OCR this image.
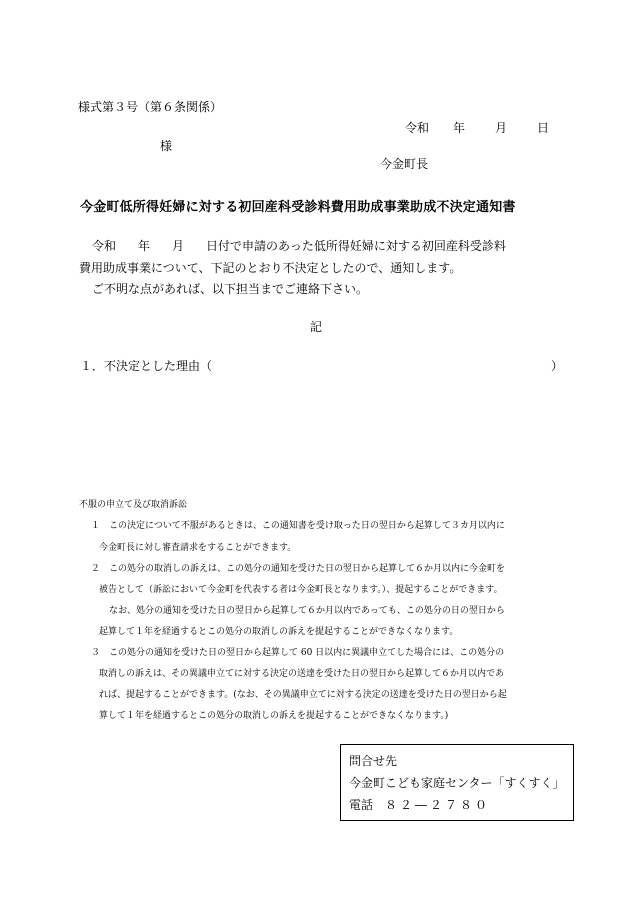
様式第３号（第６条関係）
令和 年	月	日
様
今金町長
今金町低所得妊婦に対する初回産科受診料費用助成事業助成不決定通知書
令和 年 月 日付で申請のあった低所得妊婦に対する初回産科受診料
費用助成事業について、下記のとおり不決定としたので、通知します。
ご不明な点があれば、以下担当までご連絡下さい。
記
１．不決定とした理由（	）
不服の申立て及び取消訴訟
１　この決定について不服があるときは、この通知書を受け取った日の翌日から起算して３カ月以内に
今金町長に対し審査請求をすることができます。
２　この処分の取消しの訴えは、この処分の通知を受けた日の翌日から起算して６か月以内に今金町を
被告として（訴訟において今金町を代表する者は今金町長となります。）、提起することができます。
なお、処分の通知を受けた日の翌日から起算して６か月以内であっても、この処分の日の翌日から
起算して１年を経過するとこの処分の取消しの訴えを提起することができなくなります。
３　この処分の通知を受けた日の翌日から起算して 60 日以内に異議申立てした場合には、この処分の
取消しの訴えは、その異議申立てに対する決定の送達を受けた日の翌日から起算して６か月以内であ
れば、提起することができます。(なお、その異議申立てに対する決定の送達を受けた日の翌日から起
算して１年を経過するとこの処分の取消しの訴えを提起することができなくなります。)
問合せ先
今金町こども家庭センター「すくすく」
電話 ８２―２７８０
